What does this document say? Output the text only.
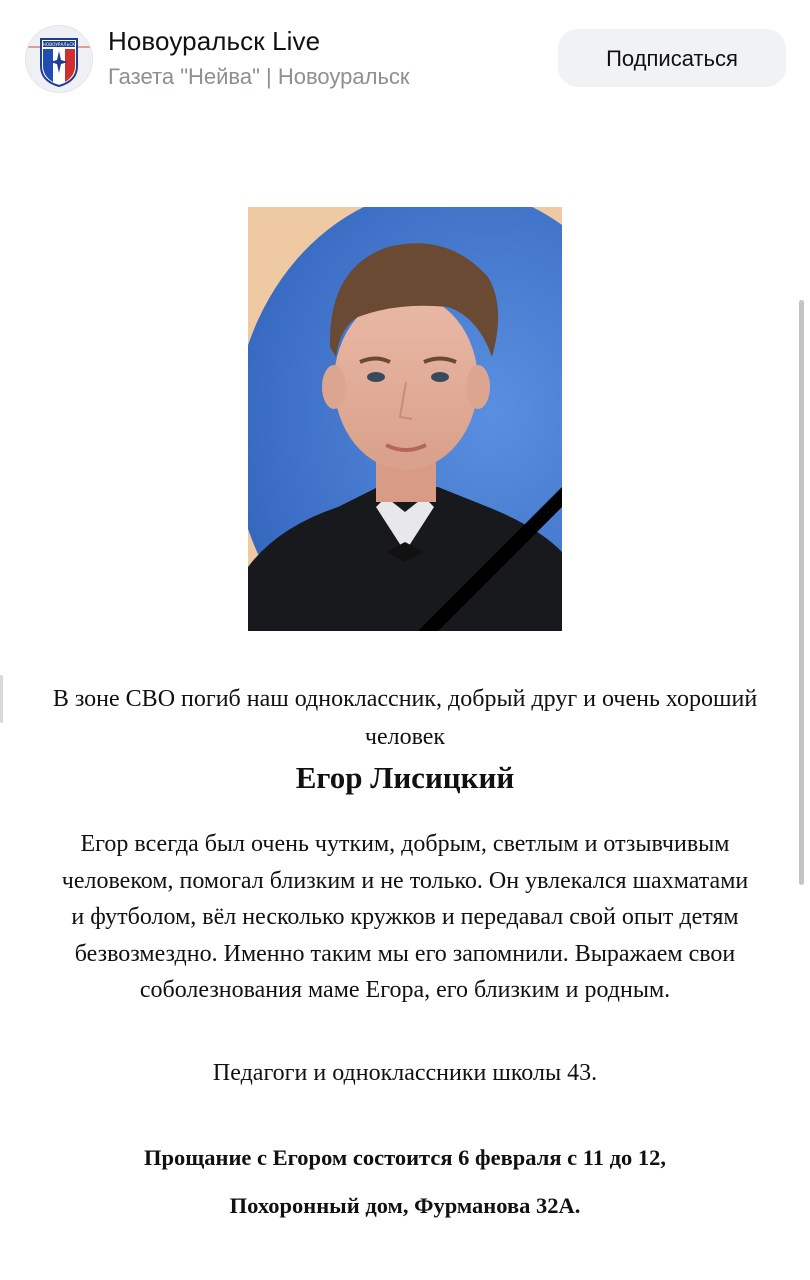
НОВОУРАЛЬСК Новоуральск Live
Газета "Нейва" | Новоуральск
Подписаться
В зоне СВО погиб наш одноклассник, добрый друг и очень хороший человек
Егор Лисицкий
Егор всегда был очень чутким, добрым, светлым и отзывчивым человеком, помогал близким и не только. Он увлекался шахматами и футболом, вёл несколько кружков и передавал свой опыт детям безвозмездно. Именно таким мы его запомнили. Выражаем свои соболезнования маме Егора, его близким и родным.
Педагоги и одноклассники школы 43.
Прощание с Егором состоится 6 февраля с 11 до 12,
Похоронный дом, Фурманова 32А.
